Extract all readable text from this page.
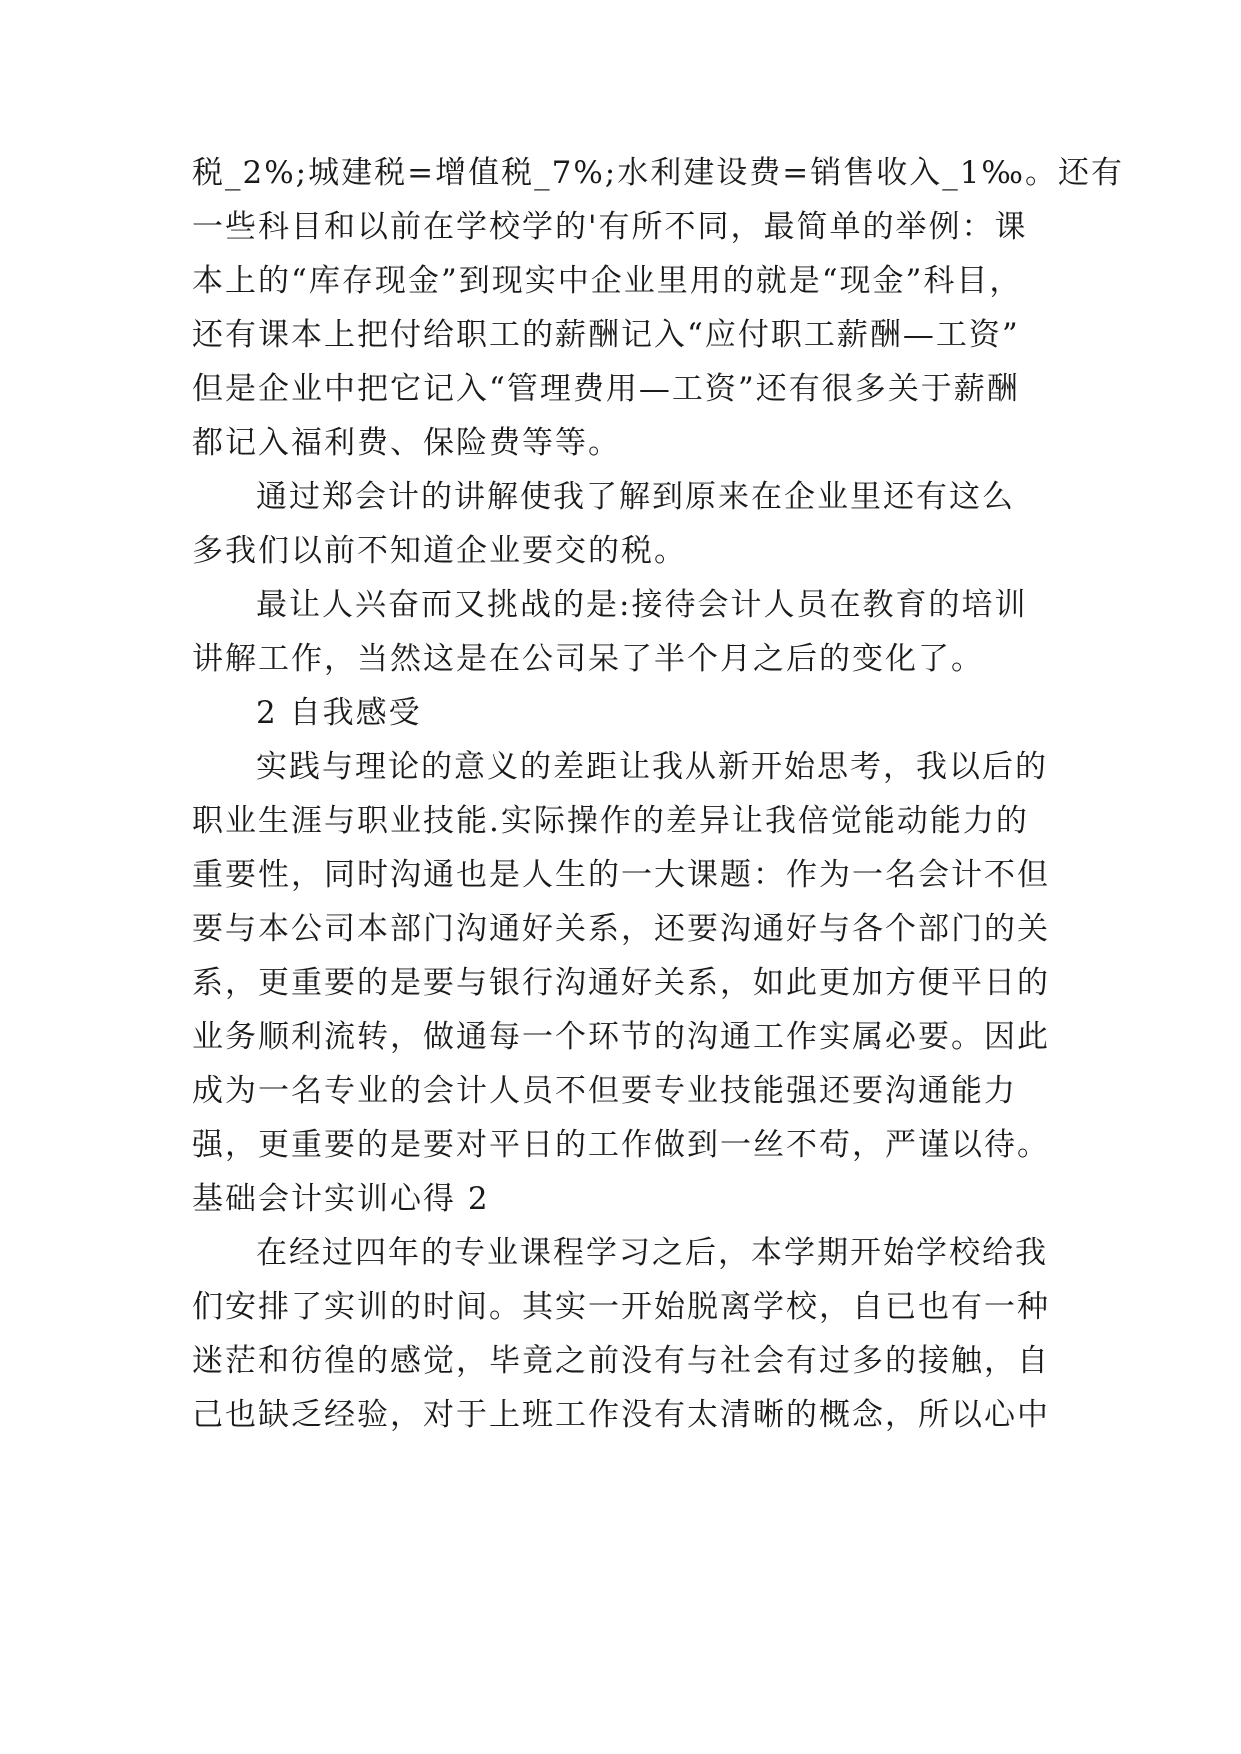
税_2%;城建税=增值税_7%;水利建设费=销售收入_1‰。还有
一些科目和以前在学校学的'有所不同，最简单的举例：课
本上的“库存现金”到现实中企业里用的就是“现金”科目，
还有课本上把付给职工的薪酬记入“应付职工薪酬—工资”
但是企业中把它记入“管理费用—工资”还有很多关于薪酬
都记入福利费、保险费等等。
通过郑会计的讲解使我了解到原来在企业里还有这么
多我们以前不知道企业要交的税。
最让人兴奋而又挑战的是:接待会计人员在教育的培训
讲解工作，当然这是在公司呆了半个月之后的变化了。
2 自我感受
实践与理论的意义的差距让我从新开始思考，我以后的
职业生涯与职业技能.实际操作的差异让我倍觉能动能力的
重要性，同时沟通也是人生的一大课题：作为一名会计不但
要与本公司本部门沟通好关系，还要沟通好与各个部门的关
系，更重要的是要与银行沟通好关系，如此更加方便平日的
业务顺利流转，做通每一个环节的沟通工作实属必要。因此
成为一名专业的会计人员不但要专业技能强还要沟通能力
强，更重要的是要对平日的工作做到一丝不苟，严谨以待。
基础会计实训心得 2
在经过四年的专业课程学习之后，本学期开始学校给我
们安排了实训的时间。其实一开始脱离学校，自已也有一种
迷茫和彷徨的感觉，毕竟之前没有与社会有过多的接触，自
己也缺乏经验，对于上班工作没有太清晰的概念，所以心中
